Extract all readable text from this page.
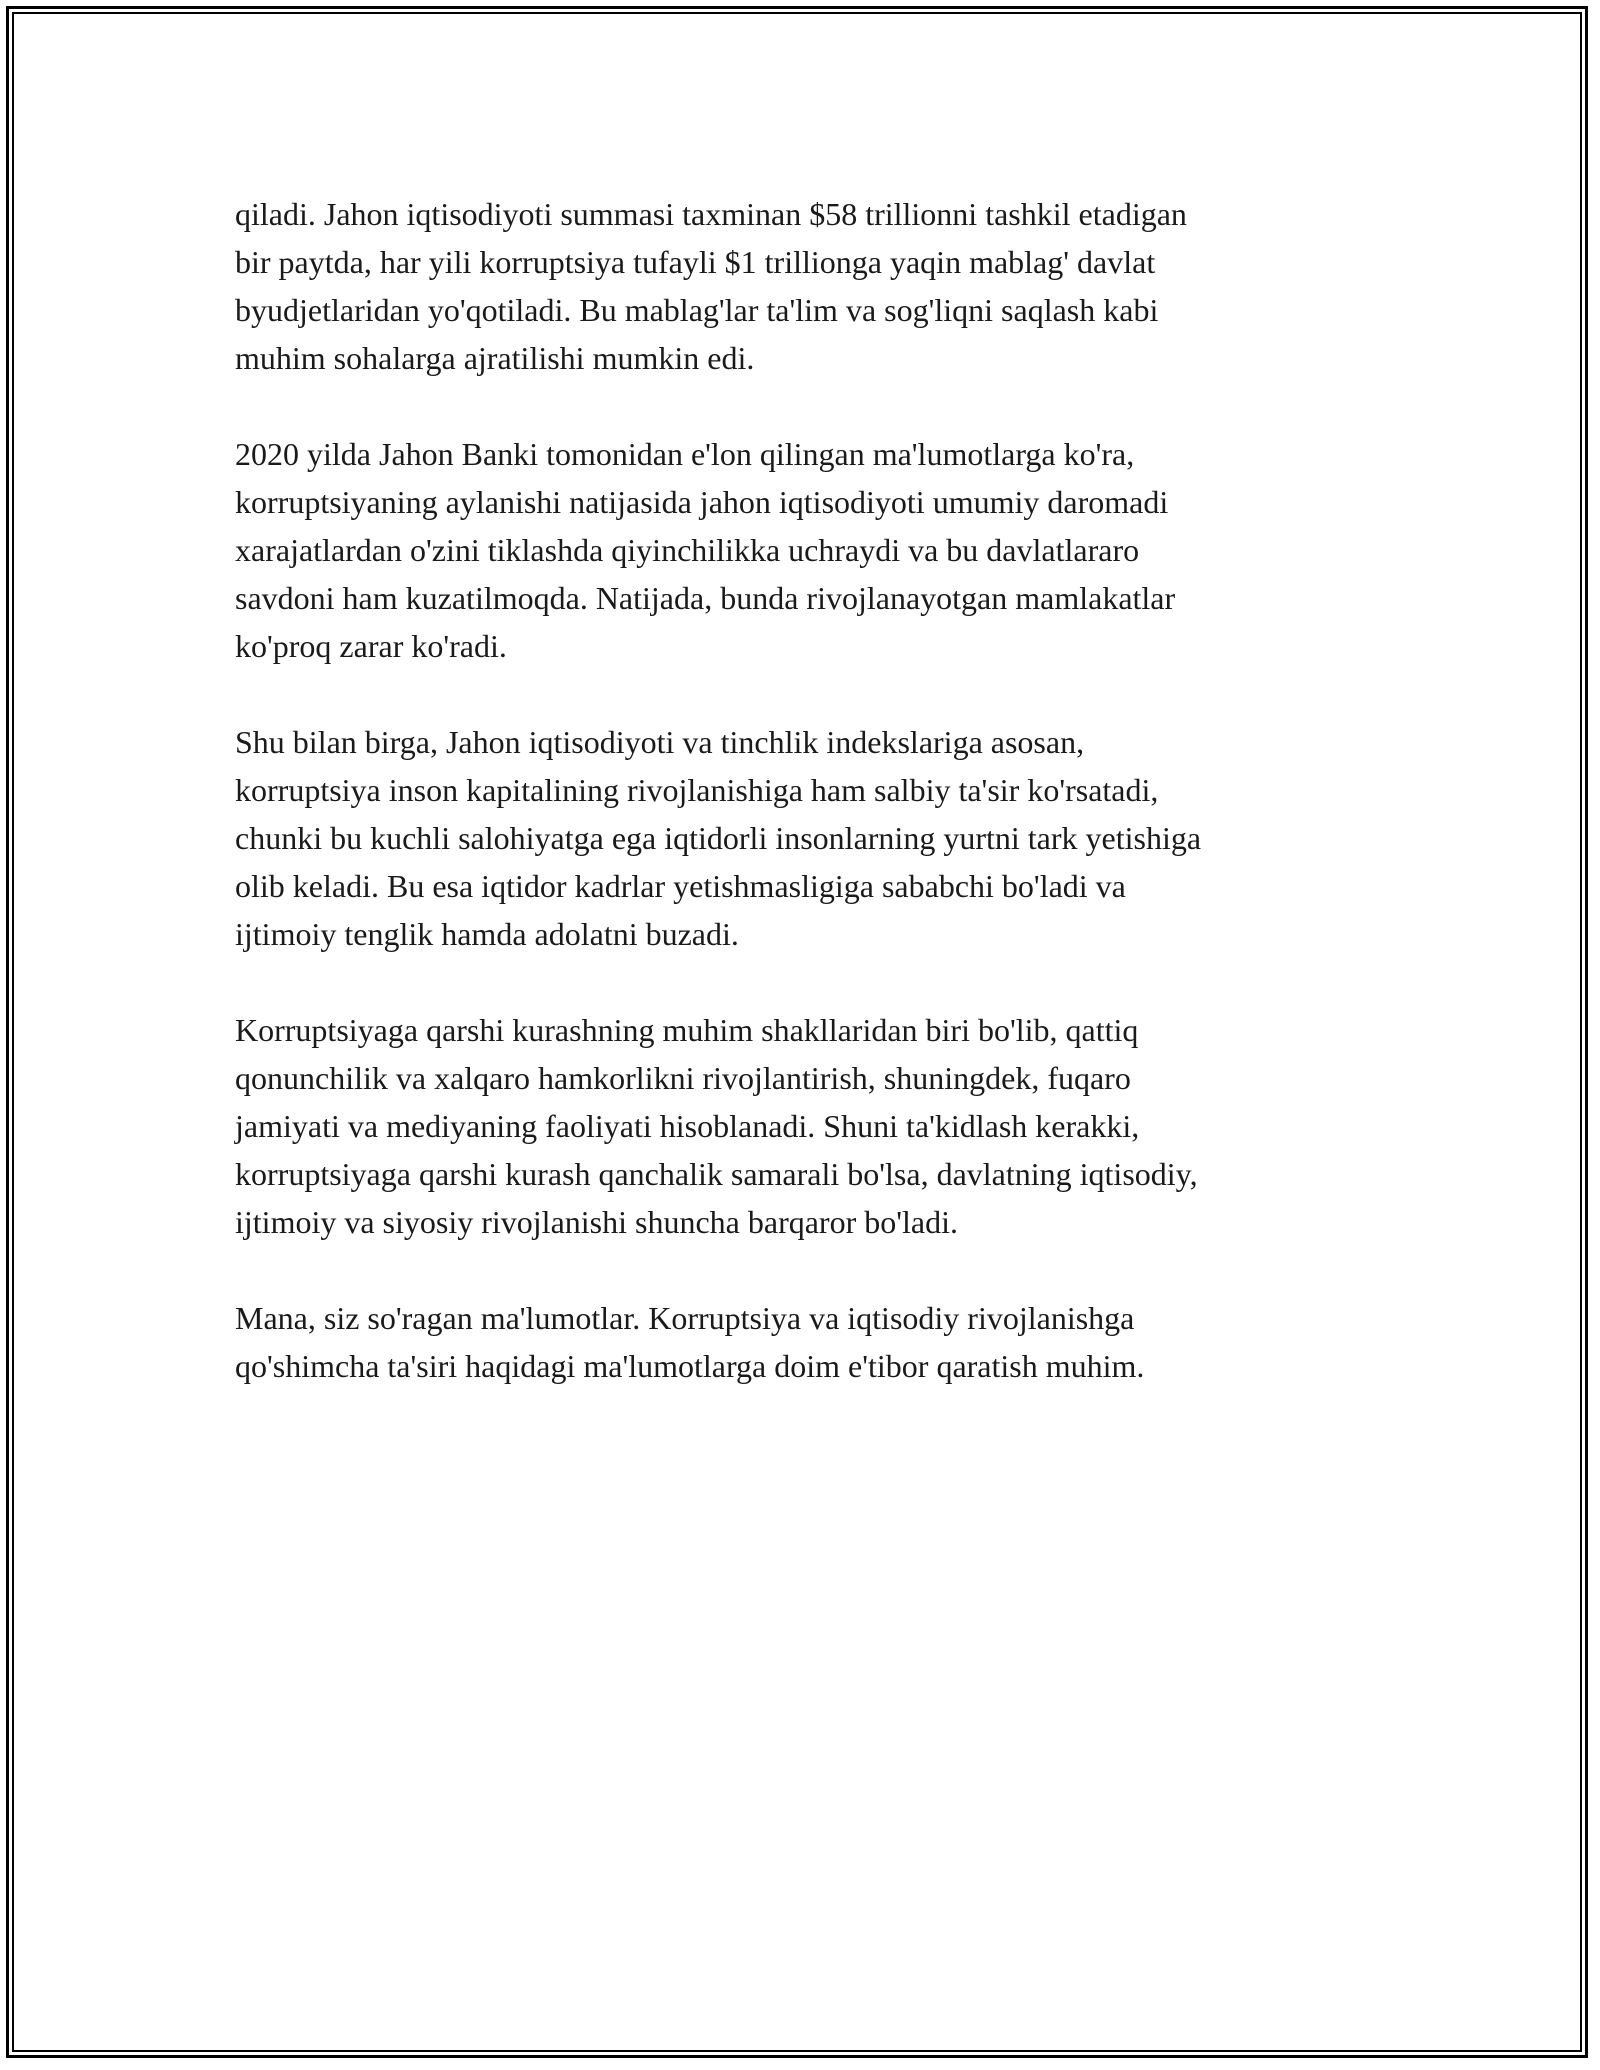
qiladi. Jahon iqtisodiyoti summasi taxminan $58 trillionni tashkil etadigan
bir paytda, har yili korruptsiya tufayli $1 trillionga yaqin mablag' davlat
byudjetlaridan yo'qotiladi. Bu mablag'lar ta'lim va sog'liqni saqlash kabi
muhim sohalarga ajratilishi mumkin edi.

2020 yilda Jahon Banki tomonidan e'lon qilingan ma'lumotlarga ko'ra,
korruptsiyaning aylanishi natijasida jahon iqtisodiyoti umumiy daromadi
xarajatlardan o'zini tiklashda qiyinchilikka uchraydi va bu davlatlararo
savdoni ham kuzatilmoqda. Natijada, bunda rivojlanayotgan mamlakatlar
ko'proq zarar ko'radi.

Shu bilan birga, Jahon iqtisodiyoti va tinchlik indekslariga asosan,
korruptsiya inson kapitalining rivojlanishiga ham salbiy ta'sir ko'rsatadi,
chunki bu kuchli salohiyatga ega iqtidorli insonlarning yurtni tark yetishiga
olib keladi. Bu esa iqtidor kadrlar yetishmasligiga sababchi bo'ladi va
ijtimoiy tenglik hamda adolatni buzadi.

Korruptsiyaga qarshi kurashning muhim shakllaridan biri bo'lib, qattiq
qonunchilik va xalqaro hamkorlikni rivojlantirish, shuningdek, fuqaro
jamiyati va mediyaning faoliyati hisoblanadi. Shuni ta'kidlash kerakki,
korruptsiyaga qarshi kurash qanchalik samarali bo'lsa, davlatning iqtisodiy,
ijtimoiy va siyosiy rivojlanishi shuncha barqaror bo'ladi.

Mana, siz so'ragan ma'lumotlar. Korruptsiya va iqtisodiy rivojlanishga
qo'shimcha ta'siri haqidagi ma'lumotlarga doim e'tibor qaratish muhim.
